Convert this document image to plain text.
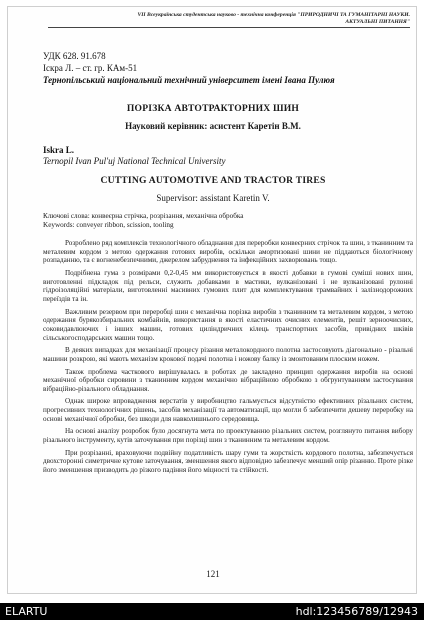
VII Всеукраїнська студентська науково - технічна конференція "ПРИРОДНИЧІ ТА ГУМАНІТАРНІ НАУКИ.
АКТУАЛЬНІ ПИТАННЯ"
УДК 628. 91.678
Іскра Л. – ст. гр. КАм-51
Тернопільський національний технічний університет імені Івана Пулюя
ПОРІЗКА АВТОТРАКТОРНИХ ШИН
Науковий керівник: асистент Каретін В.М.
Iskra L.
Ternopil Ivan Pul'uj National Technical University
CUTTING AUTOMOTIVE AND TRACTOR TIRES
Supervisor: assistant Karetin V.
Ключові слова: конвеєрна стрічка, розрізання, механічна обробка
Keywords: conveyer ribbon, scission, tooling

Розроблено ряд комплексів технологічного обладнання для переробки конвеєрних стрічок та шин, з тканинним та металевим кордом з метою одержання готових виробів, оскільки амортизовані шини не піддаються біологічному розпаданню, та є вогненебезпечними, джерелом забруднення та інфекційних захворювань тощо.

Подрібнена гума з розмірами 0,2-0,45 мм використовується в якості добавки в гумові суміші нових шин, виготовленні підкладок під рельси, служить добавками в мастики, вулканізовані і не вулканізовані рулонні гідроізоляційні матеріали, виготовленні масивних гумових плит для комплектування трамвайних і залізнодорожних переїздів та ін.

Важливим резервом при переробці шин є механічна порізка виробів з тканинним та металевим кордом, з метою одержання бурякозбиральних комбайнів, використання в якості еластичних очисних елементів, решіт зерноочисних, соковидавлюючих і інших машин, готових циліндричних кілець транспортних засобів, привідних шківів сільськогосподарських машин тощо.

В деяких випадках для механізації процесу різання металокордного полотна застосовують діагонально - різальні машини розкрою, які мають механізм крокової подачі полотна і ножову балку із змонтованим плоским ножем.

Також проблема часткового вирішувалась в роботах де закладено принцип одержання виробів на основі механічної обробки сировини з тканинним кордом механічно вібраційною обробкою з обгрунтуванням застосування вібраційно-різального обладнання.

Однак широке впровадження верстатів у виробництво гальмується відсутністю ефективних різальних систем, прогресивних технологічних рішень, засобів механізації та автоматизації, що могли б забезпечити дешеву переробку на основі механічної обробки, без шкоди для навколишнього середовища.

На основі аналізу розробок було досягнута мета по проектуванню різальних систем, розглянуто питання вибору різального інструменту, кутів заточування при порізці шин з тканинним та металевим кордом.

При розрізанні, враховуючи подвійну податливість шару гуми та жорсткість кордового полотна, забезпечується двохсторонні симетричне кутове заточування, зменшення якого відповідно забезпечує менший опір різанню. Проте різке його зменшення призводить до різкого падіння його міцності та стійкості.

121
ELARTU	hdl:123456789/12943
